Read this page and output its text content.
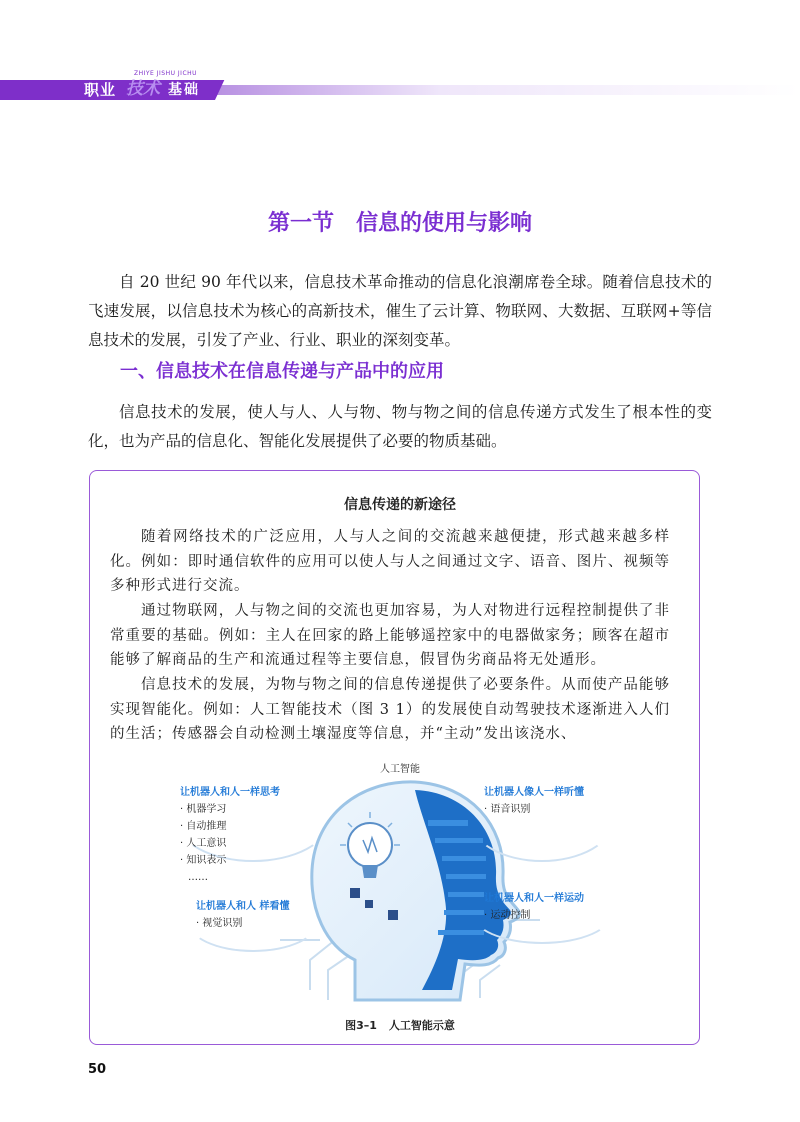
ZHIYE JISHU JICHU
职业 技术 基础
第一节　信息的使用与影响
自 20 世纪 90 年代以来，信息技术革命推动的信息化浪潮席卷全球。随着信息技术的飞速发展，以信息技术为核心的高新技术，催生了云计算、物联网、大数据、互联网+等信息技术的发展，引发了产业、行业、职业的深刻变革。
一、信息技术在信息传递与产品中的应用
信息技术的发展，使人与人、人与物、物与物之间的信息传递方式发生了根本性的变化，也为产品的信息化、智能化发展提供了必要的物质基础。
信息传递的新途径
随着网络技术的广泛应用，人与人之间的交流越来越便捷，形式越来越多样化。例如：即时通信软件的应用可以使人与人之间通过文字、语音、图片、视频等多种形式进行交流。
通过物联网，人与物之间的交流也更加容易，为人对物进行远程控制提供了非常重要的基础。例如：主人在回家的路上能够遥控家中的电器做家务；顾客在超市能够了解商品的生产和流通过程等主要信息，假冒伪劣商品将无处遁形。
信息技术的发展，为物与物之间的信息传递提供了必要条件。从而使产品能够实现智能化。例如：人工智能技术（图 3 1）的发展使自动驾驶技术逐渐进入人们的生活；传感器会自动检测土壤湿度等信息，并“主动”发出该浇水、
人工智能
让机器人和人一样思考
· 机器学习
· 自动推理
· 人工意识
· 知识表示
……
让机器人像人一样听懂
· 语音识别
让机器人和人 样看懂
· 视觉识别
让机器人和人一样运动
· 运动控制
图3–1 人工智能示意
50
